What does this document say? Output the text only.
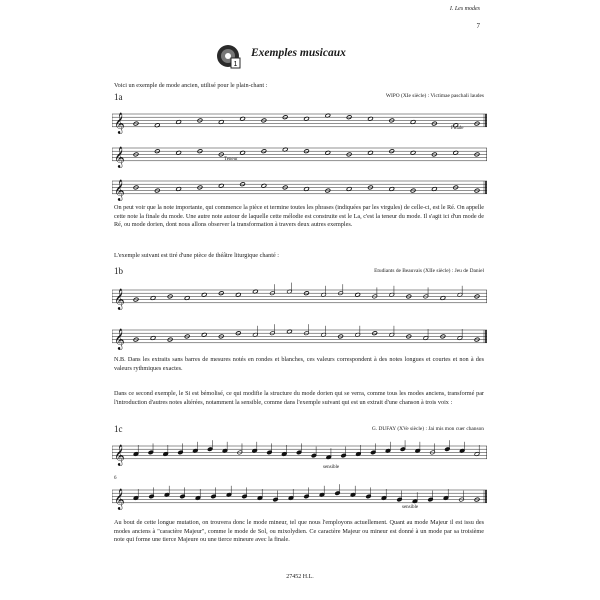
I. Les modes
7
1
Exemples musicaux
Voici un exemple de mode ancien, utilisé pour le plain-chant :
1a	WIPO (XIe siècle) : Victimae paschali laudes
𝄞	Finale
𝄞	Teneur
𝄞
On peut voir que la note importante, qui commence la pièce et termine toutes les phrases (indiquées par les virgules) de celle-ci, est le Ré. On appelle cette note la finale du mode. Une autre note autour de laquelle cette mélodie est construite est le La, c'est la teneur du mode. Il s'agit ici d'un mode de Ré, ou mode dorien, dont nous allons observer la transformation à travers deux autres exemples.
L'exemple suivant est tiré d'une pièce de théâtre liturgique chanté :
1b	Etudiants de Beauvais (XIIe siècle) : Jeu de Daniel
𝄞
𝄞
N.B. Dans les extraits sans barres de mesures notés en rondes et blanches, ces valeurs correspondent à des notes longues et courtes et non à des valeurs rythmiques exactes.
Dans ce second exemple, le Si est bémolisé, ce qui modifie la structure du mode dorien qui se verra, comme tous les modes anciens, transformé par l'introduction d'autres notes altérées, notamment la sensible, comme dans l'exemple suivant qui est un extrait d'une chanson à trois voix :
1c	G. DUFAY (XVe siècle) : Jai mis mon cuer chanson
𝄞
sensible
6
𝄞	sensible
Au bout de cette longue mutation, on trouvera donc le mode mineur, tel que nous l'employons actuellement. Quant au mode Majeur il est issu des modes anciens à "caractère Majeur", comme le mode de Sol, ou mixolydien. Ce caractère Majeur ou mineur est donné à un mode par sa troisième note qui forme une tierce Majeure ou une tierce mineure avec la finale.
27452 H.L.
